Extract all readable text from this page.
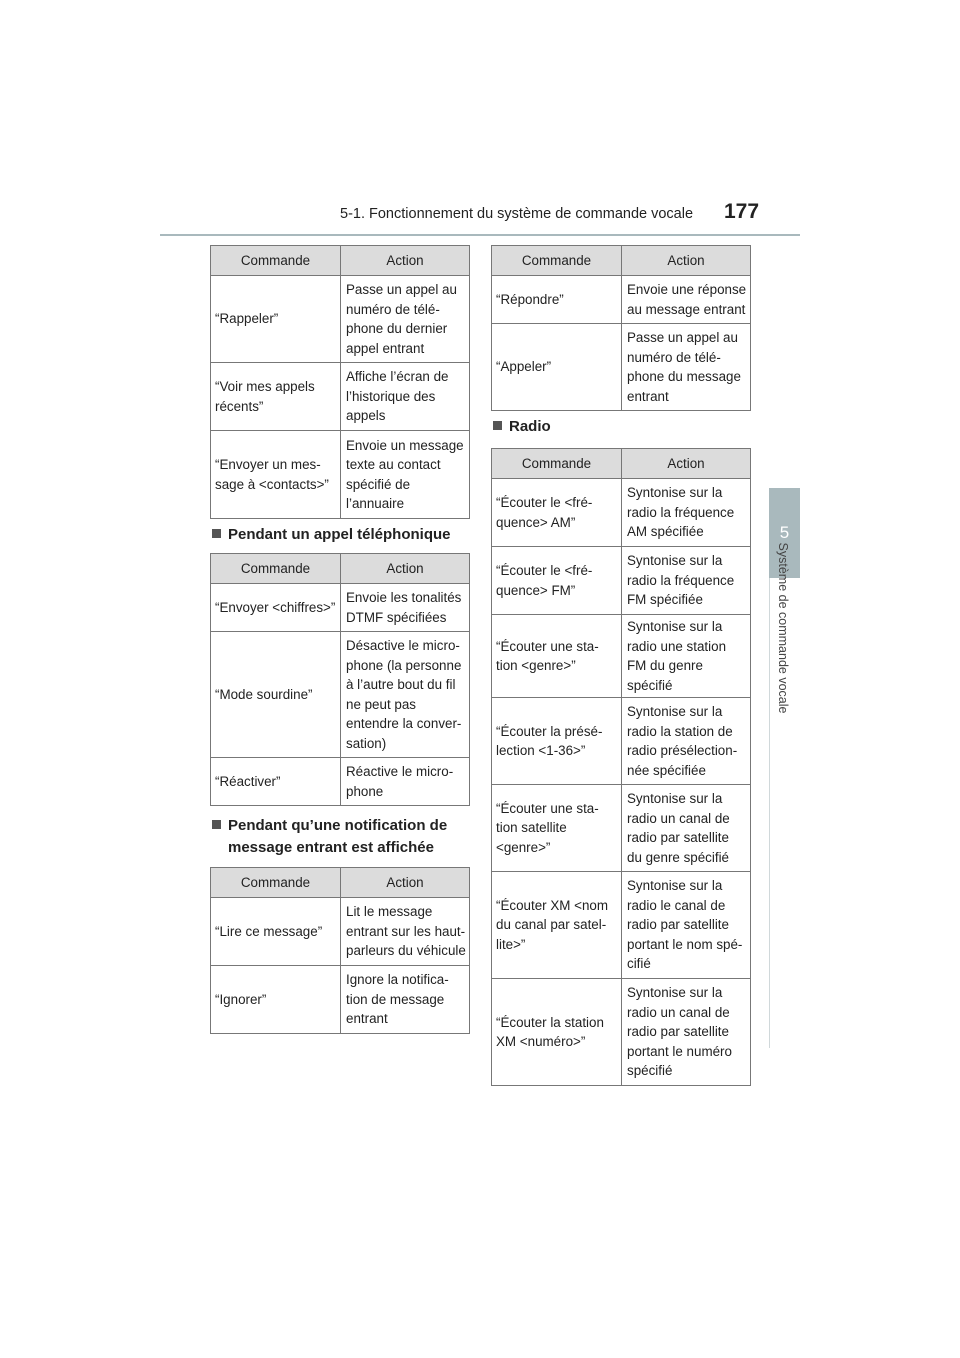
5-1. Fonctionnement du système de commande vocale 177
5
Système de commande vocale
Commande	Action
“Rappeler”	Passe un appel au numéro de télé-phone du dernier appel entrant
“Voir mes appels récents”	Affiche l’écran de l’historique des appels
“Envoyer un mes-sage à <contacts>”	Envoie un message texte au contact spécifié de l’annuaire
Pendant un appel téléphonique
Commande	Action
“Envoyer <chiffres>”	Envoie les tonalités DTMF spécifiées
“Mode sourdine”	Désactive le micro-phone (la personne à l’autre bout du fil ne peut pas entendre la conver-sation)
“Réactiver”	Réactive le micro-phone
Pendant qu’une notification de message entrant est affichée
Commande	Action
“Lire ce message”	Lit le message entrant sur les haut-parleurs du véhicule
“Ignorer”	Ignore la notifica-tion de message entrant
Commande	Action
“Répondre”	Envoie une réponse au message entrant
“Appeler”	Passe un appel au numéro de télé-phone du message entrant
Radio
Commande	Action
“Écouter le <fré-quence> AM”	Syntonise sur la radio la fréquence AM spécifiée
“Écouter le <fré-quence> FM”	Syntonise sur la radio la fréquence FM spécifiée
“Écouter une sta-tion <genre>”	Syntonise sur la radio une station FM du genre spécifié
“Écouter la présé-lection <1-36>”	Syntonise sur la radio la station de radio présélection-née spécifiée
“Écouter une sta-tion satellite <genre>”	Syntonise sur la radio un canal de radio par satellite du genre spécifié
“Écouter XM <nom du canal par satel-lite>”	Syntonise sur la radio le canal de radio par satellite portant le nom spé-cifié
“Écouter la station XM <numéro>”	Syntonise sur la radio un canal de radio par satellite portant le numéro spécifié
